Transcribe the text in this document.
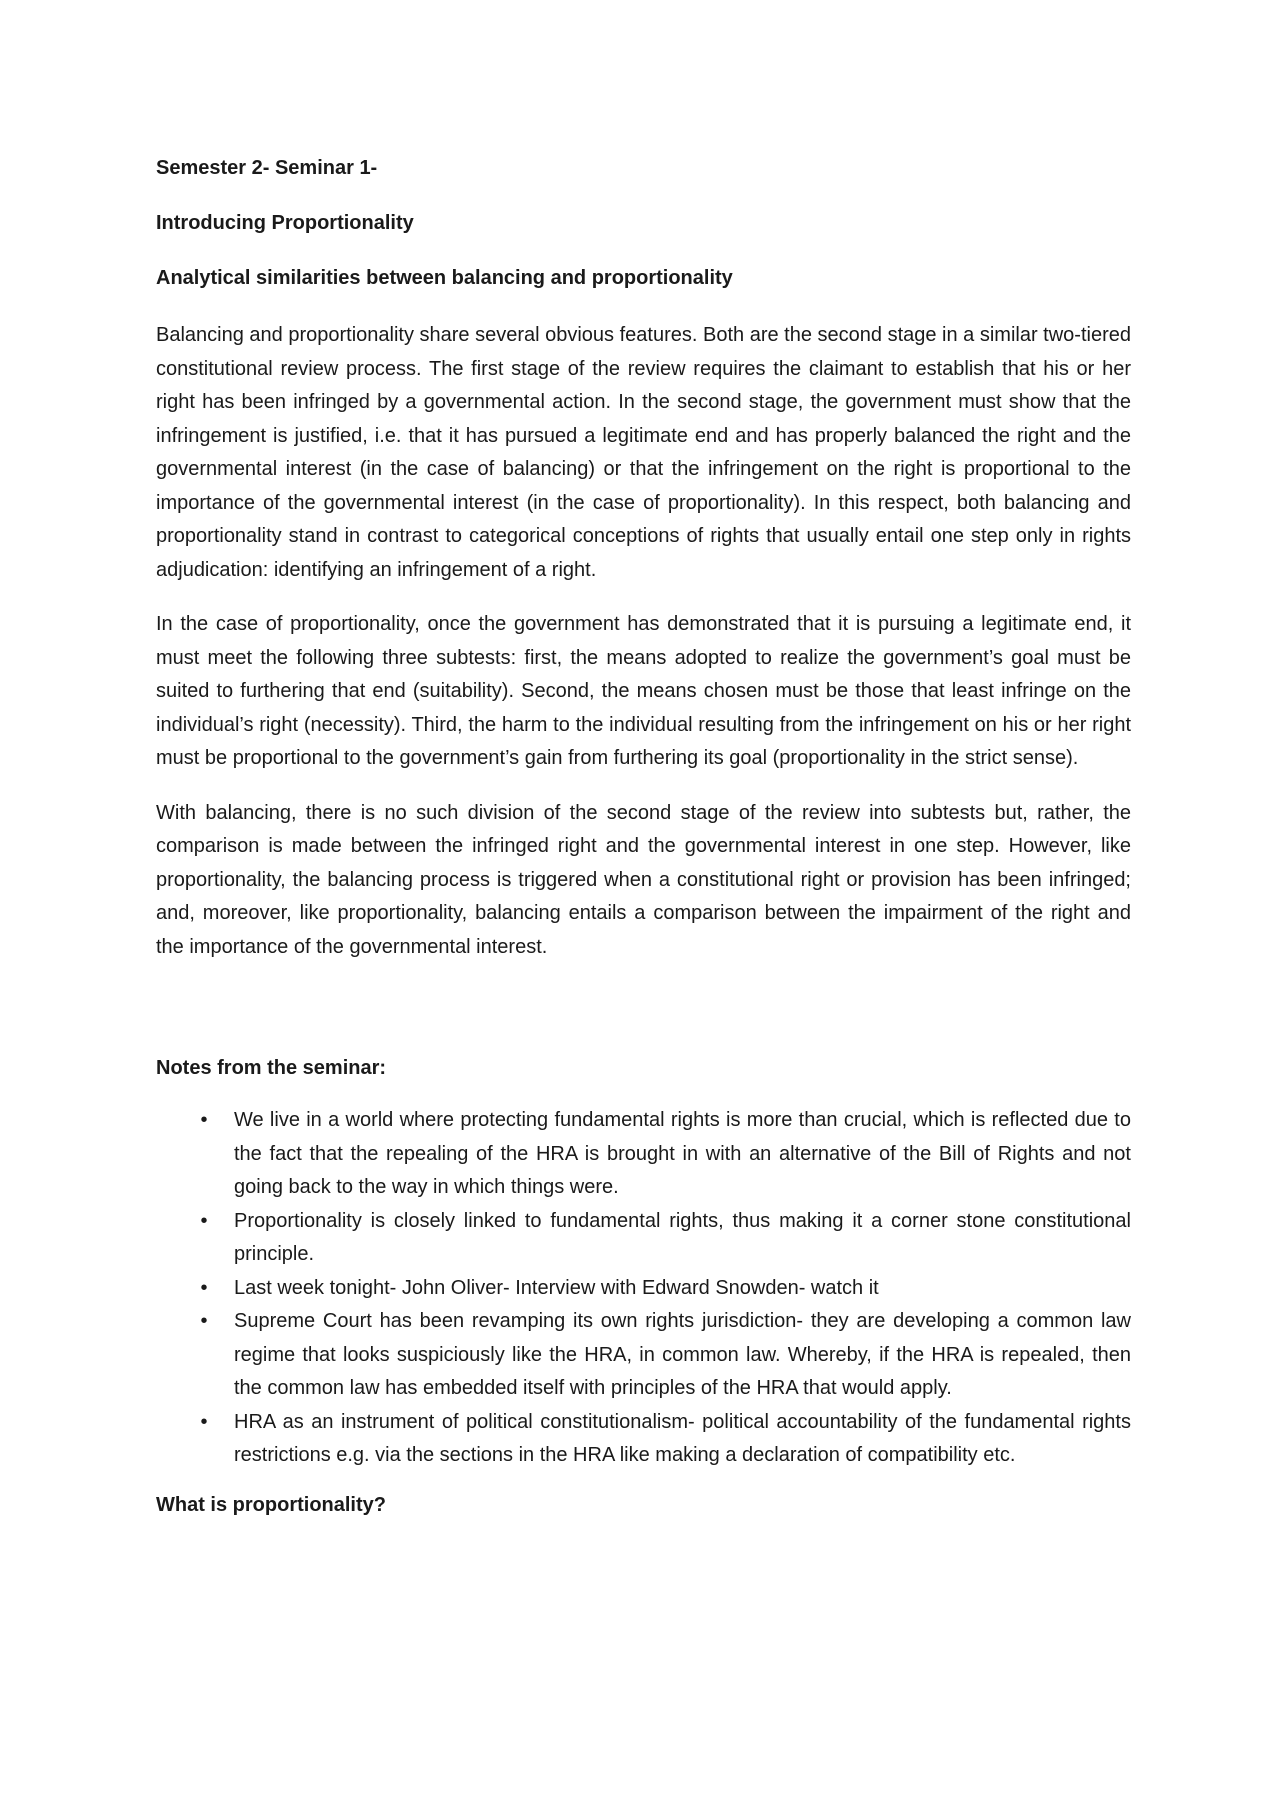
Semester 2- Seminar 1-
Introducing Proportionality
Analytical similarities between balancing and proportionality

Balancing and proportionality share several obvious features. Both are the second stage in a similar two-tiered constitutional review process. The first stage of the review requires the claimant to establish that his or her right has been infringed by a governmental action. In the second stage, the government must show that the infringement is justified, i.e. that it has pursued a legitimate end and has properly balanced the right and the governmental interest (in the case of balancing) or that the infringement on the right is proportional to the importance of the governmental interest (in the case of proportionality). In this respect, both balancing and proportionality stand in contrast to categorical conceptions of rights that usually entail one step only in rights adjudication: identifying an infringement of a right.

In the case of proportionality, once the government has demonstrated that it is pursuing a legitimate end, it must meet the following three subtests: first, the means adopted to realize the government’s goal must be suited to furthering that end (suitability). Second, the means chosen must be those that least infringe on the individual’s right (necessity). Third, the harm to the individual resulting from the infringement on his or her right must be proportional to the government’s gain from furthering its goal (proportionality in the strict sense).

With balancing, there is no such division of the second stage of the review into subtests but, rather, the comparison is made between the infringed right and the governmental interest in one step. However, like proportionality, the balancing process is triggered when a constitutional right or provision has been infringed; and, moreover, like proportionality, balancing entails a comparison between the impairment of the right and the importance of the governmental interest.

Notes from the seminar:
•	We live in a world where protecting fundamental rights is more than crucial, which is reflected due to the fact that the repealing of the HRA is brought in with an alternative of the Bill of Rights and not going back to the way in which things were.
•	Proportionality is closely linked to fundamental rights, thus making it a corner stone constitutional principle.
•	Last week tonight- John Oliver- Interview with Edward Snowden- watch it
•	Supreme Court has been revamping its own rights jurisdiction- they are developing a common law regime that looks suspiciously like the HRA, in common law. Whereby, if the HRA is repealed, then the common law has embedded itself with principles of the HRA that would apply.
•	HRA as an instrument of political constitutionalism- political accountability of the fundamental rights restrictions e.g. via the sections in the HRA like making a declaration of compatibility etc.
What is proportionality?
